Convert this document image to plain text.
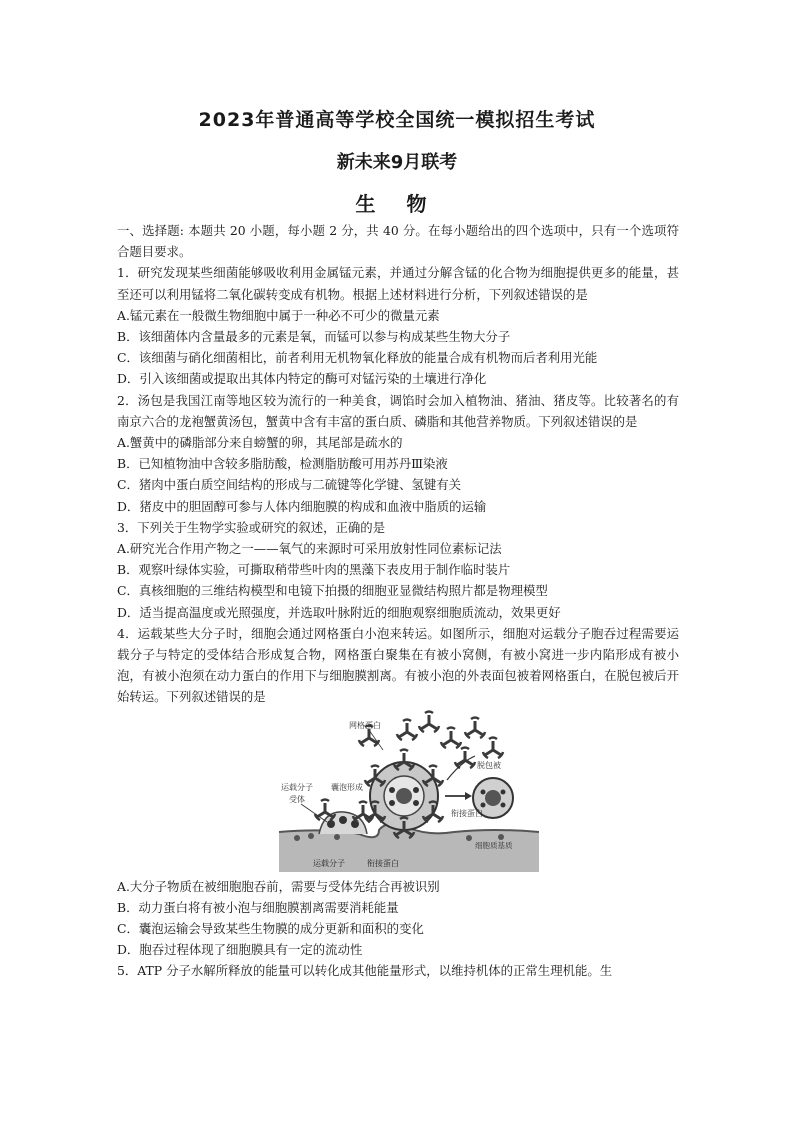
2023年普通高等学校全国统一模拟招生考试
新未来9月联考
生 物

一、选择题: 本题共 20 小题，每小题 2 分，共 40 分。在每小题给出的四个选项中，只有一个选项符合题目要求。

1．研究发现某些细菌能够吸收利用金属锰元素，并通过分解含锰的化合物为细胞提供更多的能量，甚至还可以利用锰将二氧化碳转变成有机物。根据上述材料进行分析，下列叙述错误的是

A.锰元素在一般微生物细胞中属于一种必不可少的微量元素

B．该细菌体内含量最多的元素是氧，而锰可以参与构成某些生物大分子

C．该细菌与硝化细菌相比，前者利用无机物氧化释放的能量合成有机物而后者利用光能

D．引入该细菌或提取出其体内特定的酶可对锰污染的土壤进行净化

2．汤包是我国江南等地区较为流行的一种美食，调馅时会加入植物油、猪油、猪皮等。比较著名的有南京六合的龙袍蟹黄汤包，蟹黄中含有丰富的蛋白质、磷脂和其他营养物质。下列叙述错误的是

A.蟹黄中的磷脂部分来自螃蟹的卵，其尾部是疏水的

B．已知植物油中含较多脂肪酸，检测脂肪酸可用苏丹Ⅲ染液

C．猪肉中蛋白质空间结构的形成与二硫键等化学键、氢键有关

D．猪皮中的胆固醇可参与人体内细胞膜的构成和血液中脂质的运输

3．下列关于生物学实验或研究的叙述，正确的是

A.研究光合作用产物之一——氧气的来源时可采用放射性同位素标记法

B．观察叶绿体实验，可撕取稍带些叶肉的黑藻下表皮用于制作临时装片

C．真核细胞的三维结构模型和电镜下拍摄的细胞亚显微结构照片都是物理模型

D．适当提高温度或光照强度，并选取叶脉附近的细胞观察细胞质流动，效果更好

4．运载某些大分子时，细胞会通过网格蛋白小泡来转运。如图所示，细胞对运载分子胞吞过程需要运载分子与特定的受体结合形成复合物，网格蛋白聚集在有被小窝侧，有被小窝进一步内陷形成有被小泡，有被小泡须在动力蛋白的作用下与细胞膜割离。有被小泡的外表面包被着网格蛋白，在脱包被后开始转运。下列叙述错误的是

网格蛋白
脱包被
运载分子
受体
囊泡形成
衔接蛋白
细胞质基质
运载分子	衔接蛋白

A.大分子物质在被细胞胞吞前，需要与受体先结合再被识别

B．动力蛋白将有被小泡与细胞膜割离需要消耗能量

C．囊泡运输会导致某些生物膜的成分更新和面积的变化

D．胞吞过程体现了细胞膜具有一定的流动性

5．ATP 分子水解所释放的能量可以转化成其他能量形式，以维持机体的正常生理机能。生
